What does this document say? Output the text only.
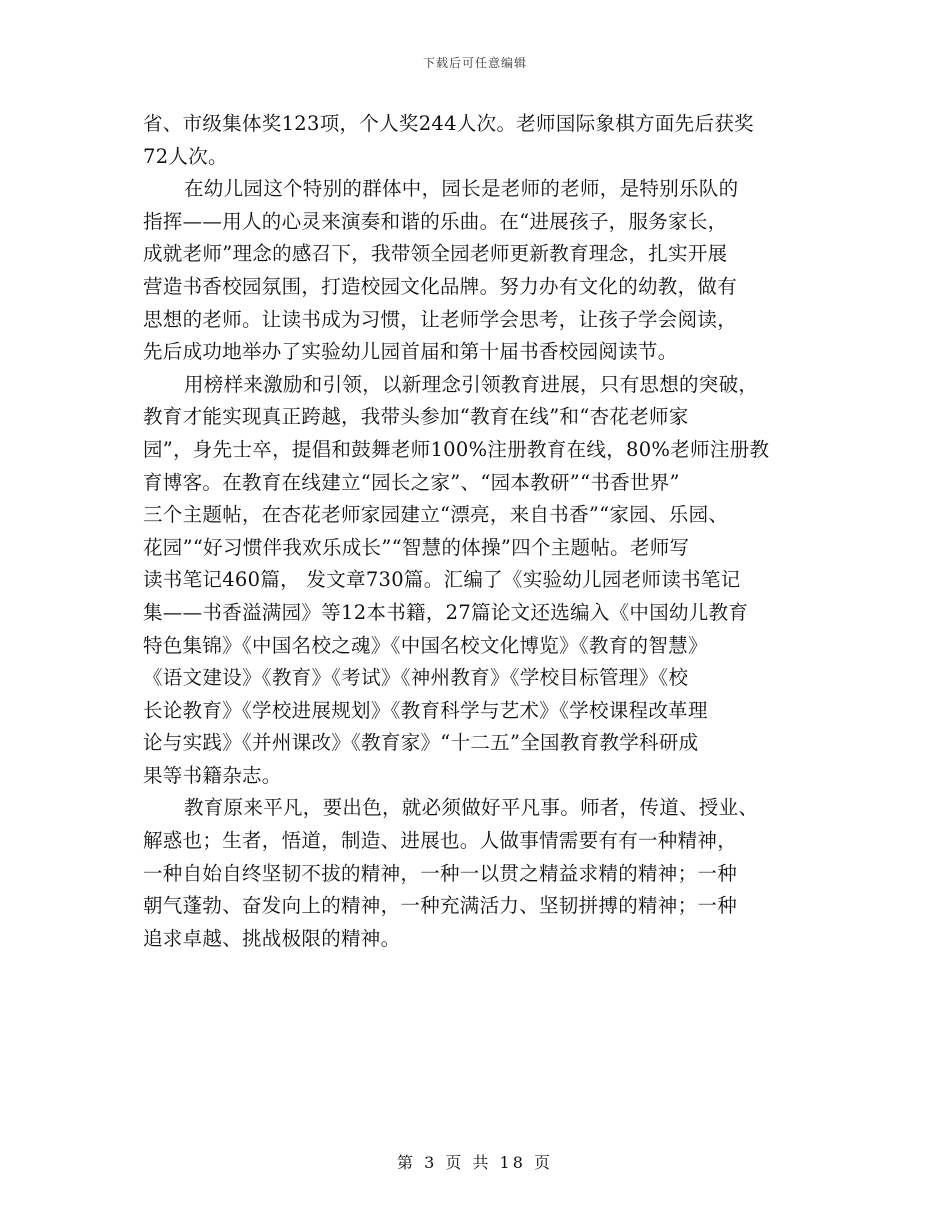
下载后可任意编辑
省、市级集体奖123项，个人奖244人次。老师国际象棋方面先后获奖
72人次。
在幼儿园这个特别的群体中，园长是老师的老师，是特别乐队的
指挥——用人的心灵来演奏和谐的乐曲。在“进展孩子，服务家长，
成就老师”理念的感召下，我带领全园老师更新教育理念，扎实开展
营造书香校园氛围，打造校园文化品牌。努力办有文化的幼教，做有
思想的老师。让读书成为习惯，让老师学会思考，让孩子学会阅读，
先后成功地举办了实验幼儿园首届和第十届书香校园阅读节。
用榜样来激励和引领，以新理念引领教育进展，只有思想的突破，
教育才能实现真正跨越，我带头参加“教育在线”和“杏花老师家
园”，身先士卒，提倡和鼓舞老师100%注册教育在线，80%老师注册教
育博客。在教育在线建立“园长之家”、“园本教研”“书香世界”
三个主题帖，在杏花老师家园建立“漂亮，来自书香”“家园、乐园、
花园”“好习惯伴我欢乐成长”“智慧的体操”四个主题帖。老师写
读书笔记460篇， 发文章730篇。汇编了《实验幼儿园老师读书笔记
集——书香溢满园》等12本书籍，27篇论文还选编入《中国幼儿教育
特色集锦》《中国名校之魂》《中国名校文化博览》《教育的智慧》
《语文建设》《教育》《考试》《神州教育》《学校目标管理》《校
长论教育》《学校进展规划》《教育科学与艺术》《学校课程改革理
论与实践》《并州课改》《教育家》“十二五”全国教育教学科研成
果等书籍杂志。
教育原来平凡，要出色，就必须做好平凡事。师者，传道、授业、
解惑也；生者，悟道，制造、进展也。人做事情需要有有一种精神，
一种自始自终坚韧不拔的精神，一种一以贯之精益求精的精神；一种
朝气蓬勃、奋发向上的精神，一种充满活力、坚韧拼搏的精神；一种
追求卓越、挑战极限的精神。
第 3 页 共 18 页
